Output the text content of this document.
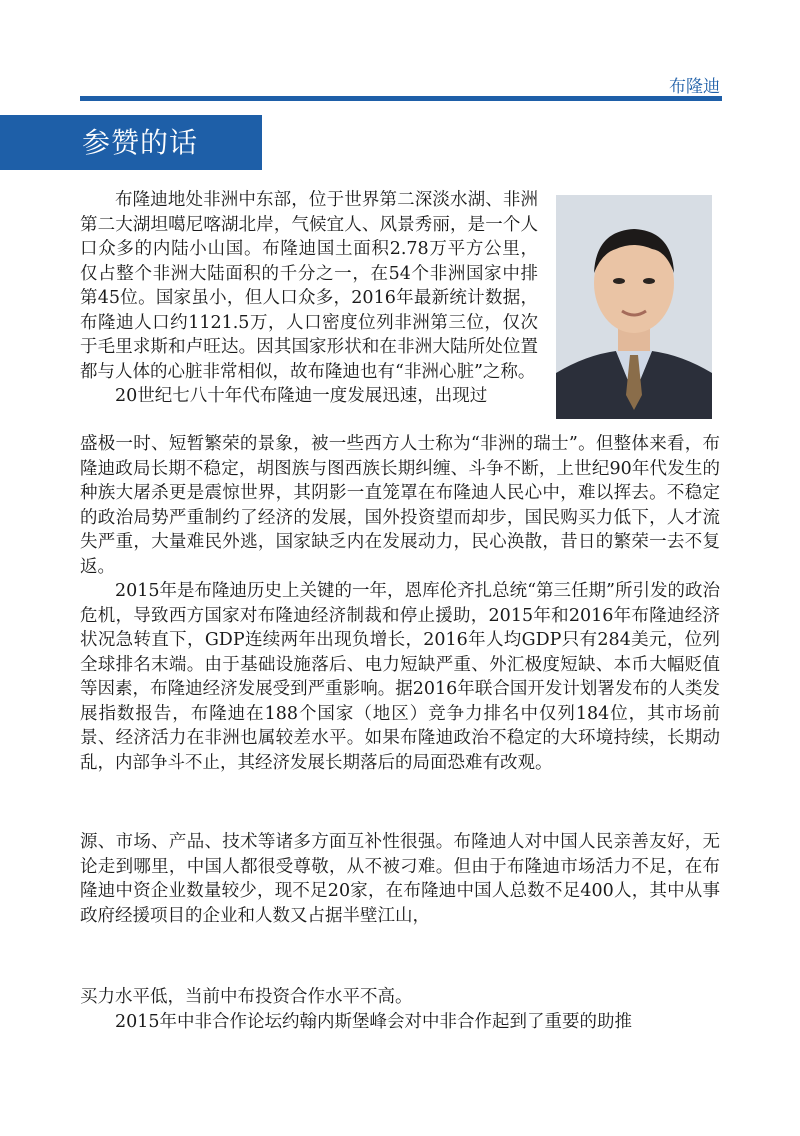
布隆迪
参赞的话

布隆迪地处非洲中东部，位于世界第二深淡水湖、非洲第二大湖坦噶尼喀湖北岸，气候宜人、风景秀丽，是一个人口众多的内陆小山国。布隆迪国土面积2.78万平方公里，仅占整个非洲大陆面积的千分之一，在54个非洲国家中排第45位。国家虽小，但人口众多，2016年最新统计数据，布隆迪人口约1121.5万，人口密度位列非洲第三位，仅次于毛里求斯和卢旺达。因其国家形状和在非洲大陆所处位置都与人体的心脏非常相似，故布隆迪也有“非洲心脏”之称。

20世纪七八十年代布隆迪一度发展迅速，出现过

盛极一时、短暂繁荣的景象，被一些西方人士称为“非洲的瑞士”。但整体来看，布隆迪政局长期不稳定，胡图族与图西族长期纠缠、斗争不断，上世纪90年代发生的种族大屠杀更是震惊世界，其阴影一直笼罩在布隆迪人民心中，难以挥去。不稳定的政治局势严重制约了经济的发展，国外投资望而却步，国民购买力低下，人才流失严重，大量难民外逃，国家缺乏内在发展动力，民心涣散，昔日的繁荣一去不复返。

2015年是布隆迪历史上关键的一年，恩库伦齐扎总统“第三任期”所引发的政治危机，导致西方国家对布隆迪经济制裁和停止援助，2015年和2016年布隆迪经济状况急转直下，GDP连续两年出现负增长，2016年人均GDP只有284美元，位列全球排名末端。由于基础设施落后、电力短缺严重、外汇极度短缺、本币大幅贬值等因素，布隆迪经济发展受到严重影响。据2016年联合国开发计划署发布的人类发展指数报告，布隆迪在188个国家（地区）竞争力排名中仅列184位，其市场前景、经济活力在非洲也属较差水平。如果布隆迪政治不稳定的大环境持续，长期动乱，内部争斗不止，其经济发展长期落后的局面恐难有改观。

源、市场、产品、技术等诸多方面互补性很强。布隆迪人对中国人民亲善友好，无论走到哪里，中国人都很受尊敬，从不被刁难。但由于布隆迪市场活力不足，在布隆迪中资企业数量较少，现不足20家，在布隆迪中国人总数不足400人，其中从事政府经援项目的企业和人数又占据半壁江山，

买力水平低，当前中布投资合作水平不高。

2015年中非合作论坛约翰内斯堡峰会对中非合作起到了重要的助推
